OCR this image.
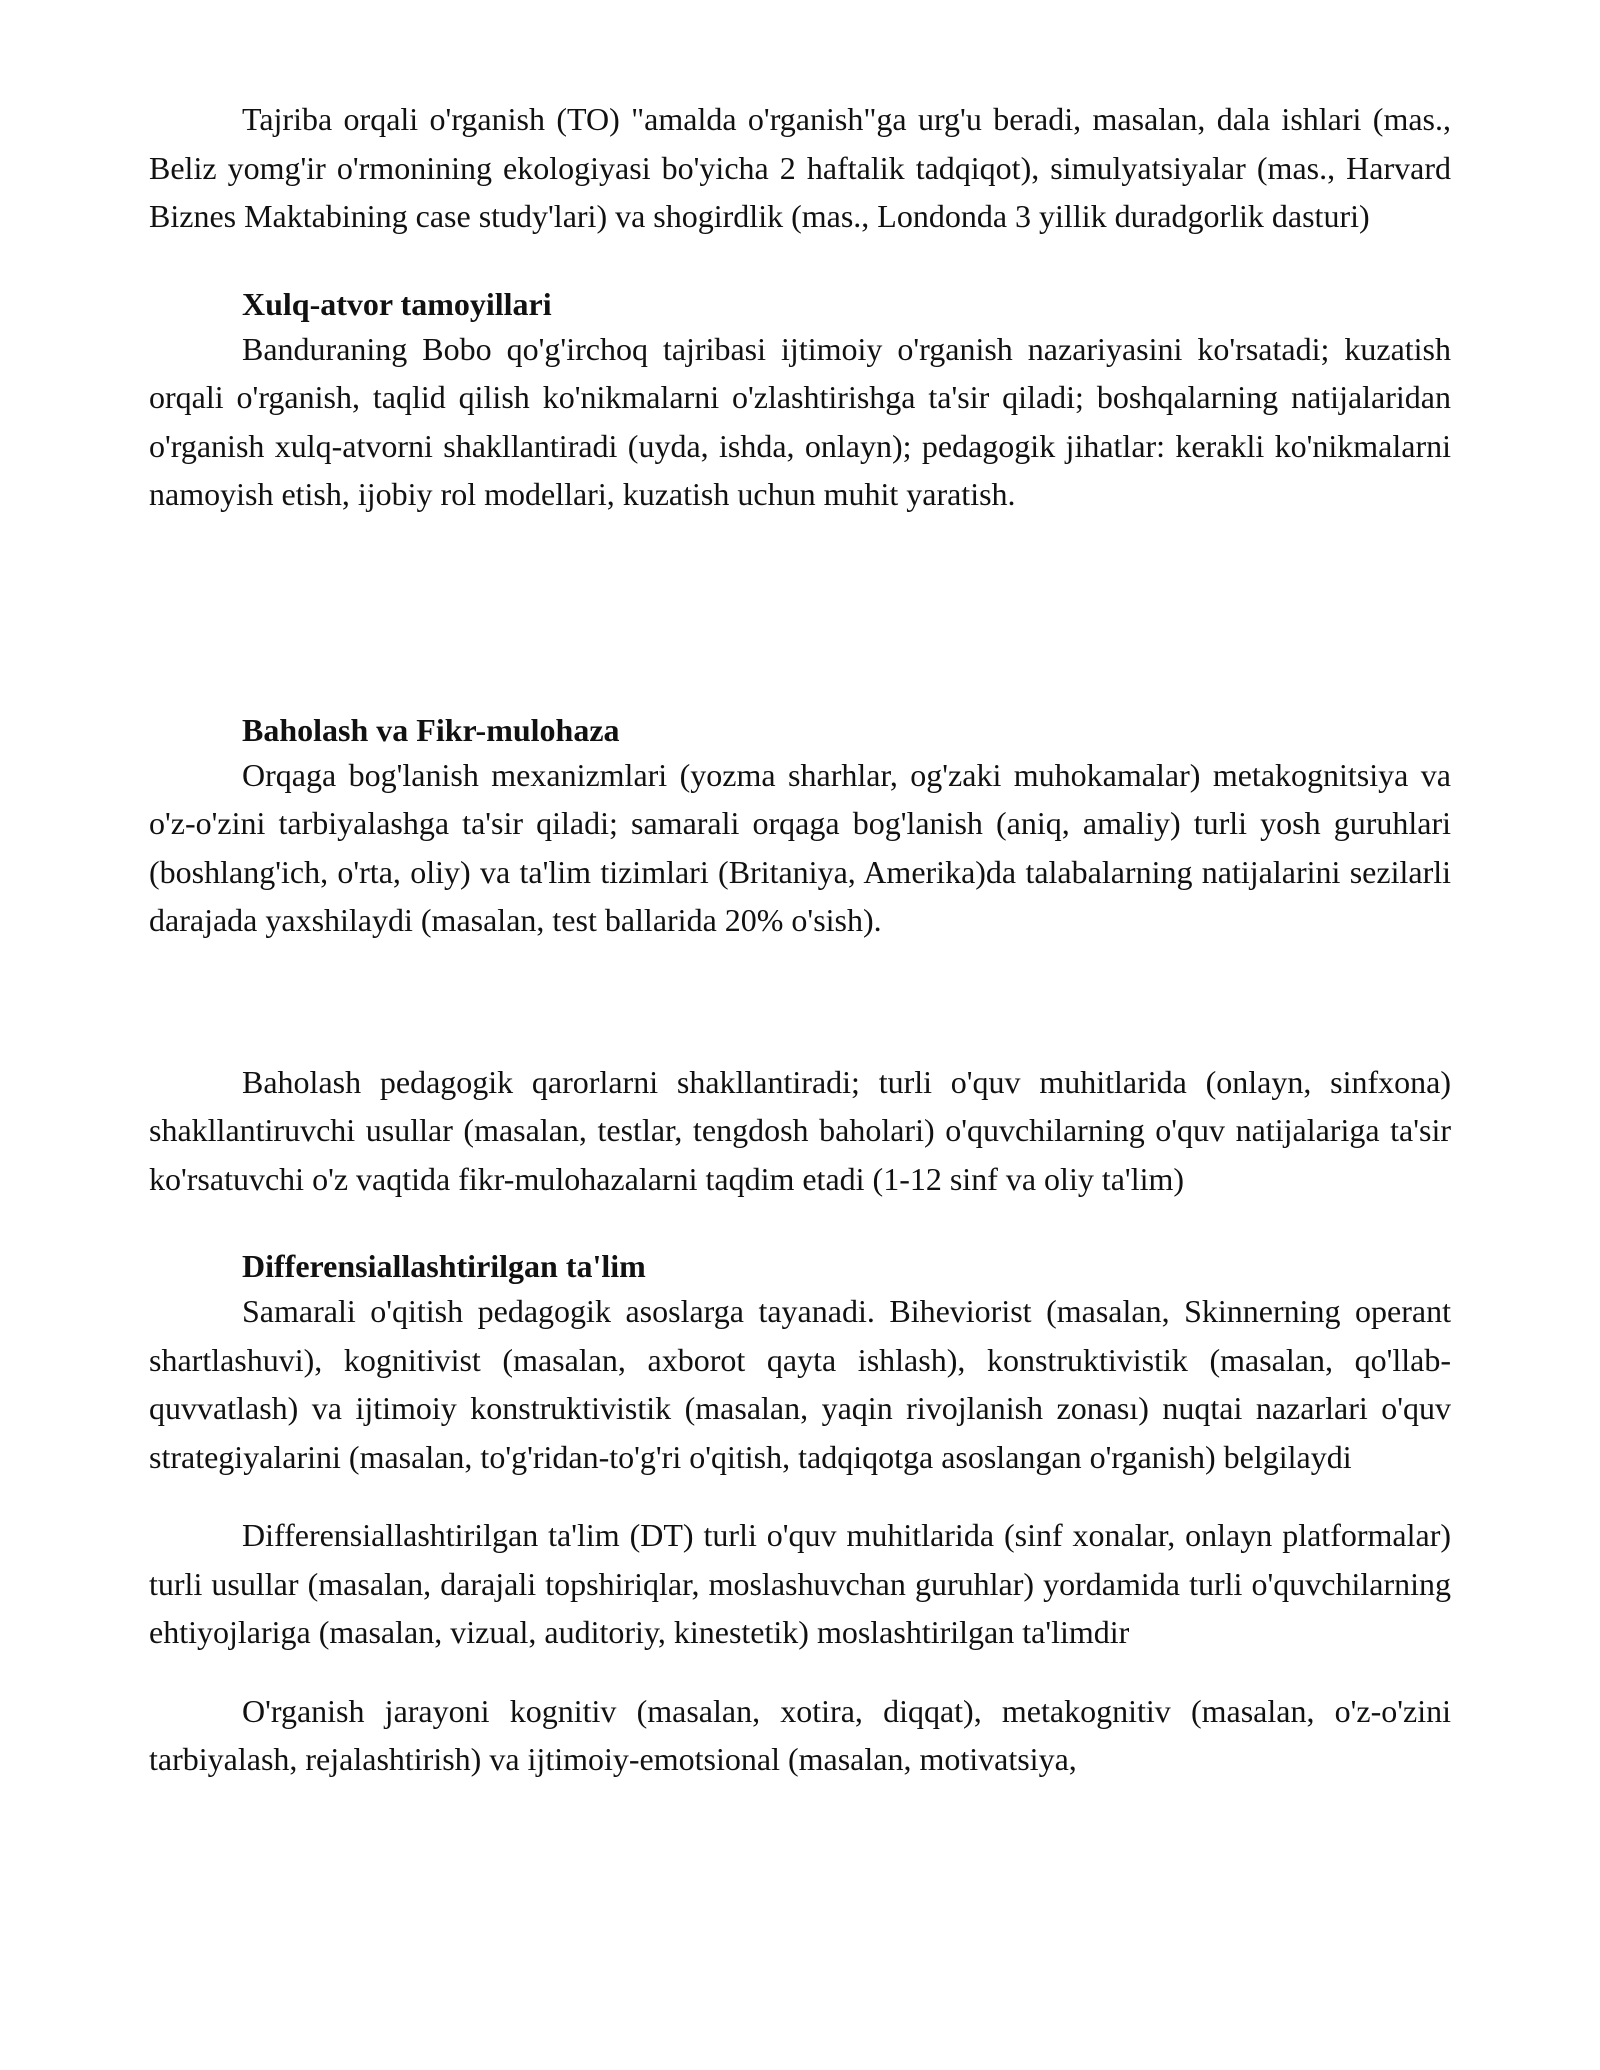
Tajriba orqali o'rganish (TO) "amalda o'rganish"ga urg'u beradi, masalan, dala ishlari (mas., Beliz yomg'ir o'rmonining ekologiyasi bo'yicha 2 haftalik tadqiqot), simulyatsiyalar (mas., Harvard Biznes Maktabining case study'lari) va shogirdlik (mas., Londonda 3 yillik duradgorlik dasturi)

Xulq-atvor tamoyillari

Banduraning Bobo qo'g'irchoq tajribasi ijtimoiy o'rganish nazariyasini ko'rsatadi; kuzatish orqali o'rganish, taqlid qilish ko'nikmalarni o'zlashtirishga ta'sir qiladi; boshqalarning natijalaridan o'rganish xulq-atvorni shakllantiradi (uyda, ishda, onlayn); pedagogik jihatlar: kerakli ko'nikmalarni namoyish etish, ijobiy rol modellari, kuzatish uchun muhit yaratish.

Baholash va Fikr-mulohaza

Orqaga bog'lanish mexanizmlari (yozma sharhlar, og'zaki muhokamalar) metakognitsiya va o'z-o'zini tarbiyalashga ta'sir qiladi; samarali orqaga bog'lanish (aniq, amaliy) turli yosh guruhlari (boshlang'ich, o'rta, oliy) va ta'lim tizimlari (Britaniya, Amerika)da talabalarning natijalarini sezilarli darajada yaxshilaydi (masalan, test ballarida 20% o'sish).

Baholash pedagogik qarorlarni shakllantiradi; turli o'quv muhitlarida (onlayn, sinfxona) shakllantiruvchi usullar (masalan, testlar, tengdosh baholari) o'quvchilarning o'quv natijalariga ta'sir ko'rsatuvchi o'z vaqtida fikr-mulohazalarni taqdim etadi (1-12 sinf va oliy ta'lim)

Differensiallashtirilgan ta'lim

Samarali o'qitish pedagogik asoslarga tayanadi. Biheviorist (masalan, Skinnerning operant shartlashuvi), kognitivist (masalan, axborot qayta ishlash), konstruktivistik (masalan, qo'llab-quvvatlash) va ijtimoiy konstruktivistik (masalan, yaqin rivojlanish zonası) nuqtai nazarlari o'quv strategiyalarini (masalan, to'g'ridan-to'g'ri o'qitish, tadqiqotga asoslangan o'rganish) belgilaydi

Differensiallashtirilgan ta'lim (DT) turli o'quv muhitlarida (sinf xonalar, onlayn platformalar) turli usullar (masalan, darajali topshiriqlar, moslashuvchan guruhlar) yordamida turli o'quvchilarning ehtiyojlariga (masalan, vizual, auditoriy, kinestetik) moslashtirilgan ta'limdir

O'rganish jarayoni kognitiv (masalan, xotira, diqqat), metakognitiv (masalan, o'z-o'zini tarbiyalash, rejalashtirish) va ijtimoiy-emotsional (masalan, motivatsiya,
